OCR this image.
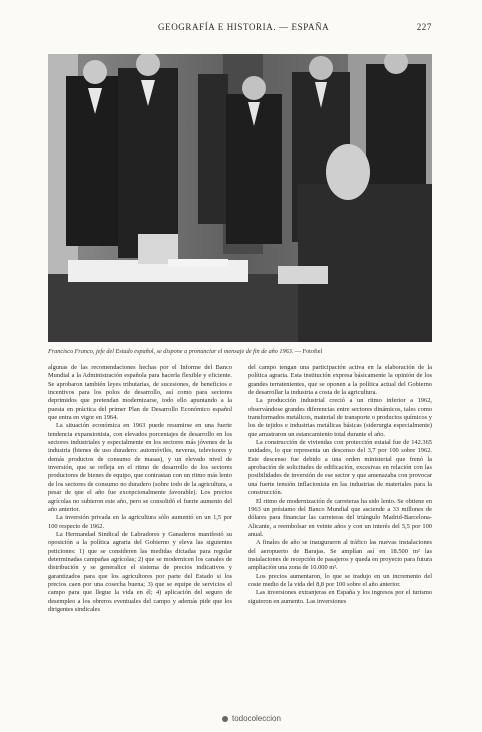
GEOGRAFÍA E HISTORIA. — ESPAÑA	227
Francisco Franco, jefe del Estado español, se dispone a pronunciar el mensaje de fin de año 1963. — Fotofiel

algunas de las recomendaciones hechas por el Informe del Banco Mundial a la Administración española para hacerla flexible y eficiente. Se aprobaron también leyes tributarias, de sucesiones, de beneficios e incentivos para los polos de desarrollo, así como para sectores deprimidos que pretendan modernizarse, todo ello apuntando a la puesta en práctica del primer Plan de Desarrollo Económico español que entra en vigor en 1964.

La situación económica en 1963 puede resumirse en una fuerte tendencia expansionista, con elevados porcentajes de desarrollo en los sectores industriales y especialmente en los sectores más jóvenes de la industria (bienes de uso duradero: automóviles, neveras, televisores y demás productos de consumo de masas), y un elevado nivel de inversión, que se refleja en el ritmo de desarrollo de los sectores productores de bienes de equipo, que contrastan con un ritmo más lento de los sectores de consumo no duradero (sobre todo de la agricultura, a pesar de que el año fue excepcionalmente favorable). Los precios agrícolas no subieron este año, pero se consolidó el fuerte aumento del año anterior.

La inversión privada en la agricultura sólo aumentó en un 1,5 por 100 respecto de 1962.

La Hermandad Sindical de Labradores y Ganaderos manifestó su oposición a la política agraria del Gobierno y eleva las siguientes peticiones: 1) que se consideren las medidas dictadas para regular determinadas campañas agrícolas; 2) que se modernicen los canales de distribución y se generalice el sistema de precios indicativos y garantizados para que los agricultores por parte del Estado si los precios caen por una cosecha buena; 3) que se equipe de servicios el campo para que llegue la vida en él; 4) aplicación del seguro de desempleo a los obreros eventuales del campo y además pide que los dirigentes sindicales

del campo tengan una participación activa en la elaboración de la política agraria. Esta institución expresa básicamente la opinión de los grandes terratenientes, que se oponen a la política actual del Gobierno de desarrollar la industria a costa de la agricultura.

La producción industrial creció a un ritmo inferior a 1962, observándose grandes diferencias entre sectores dinámicos, tales como transformados metálicos, material de transporte o productos químicos y los de tejidos e industrias metálicas básicas (siderurgia especialmente) que arrastraron un estancamiento total durante el año.

La construcción de viviendas con protección estatal fue de 142.365 unidades, lo que representa un descenso del 3,7 por 100 sobre 1962. Este descenso fue debido a una orden ministerial que frenó la aprobación de solicitudes de edificación, excesivas en relación con las posibilidades de inversión de ese sector y que amenazaba con provocar una fuerte tensión inflacionista en las industrias de materiales para la construcción.

El ritmo de modernización de carreteras ha sido lento. Se obtiene en 1963 un préstamo del Banco Mundial que asciende a 33 millones de dólares para financiar las carreteras del triángulo Madrid-Barcelona-Alicante, a reembolsar en veinte años y con un interés del 5,5 por 100 anual.

A finales de año se inauguraron al tráfico las nuevas instalaciones del aeropuerto de Barajas. Se amplían así en 18.500 m² las instalaciones de recepción de pasajeros y queda en proyecto para futura ampliación una zona de 10.000 m².

Los precios aumentaron, lo que se tradujo en un incremento del coste medio de la vida del 8,8 por 100 sobre el año anterior.

Las inversiones extranjeras en España y los ingresos por el turismo siguieron en aumento. Las inversiones

todocoleccion
